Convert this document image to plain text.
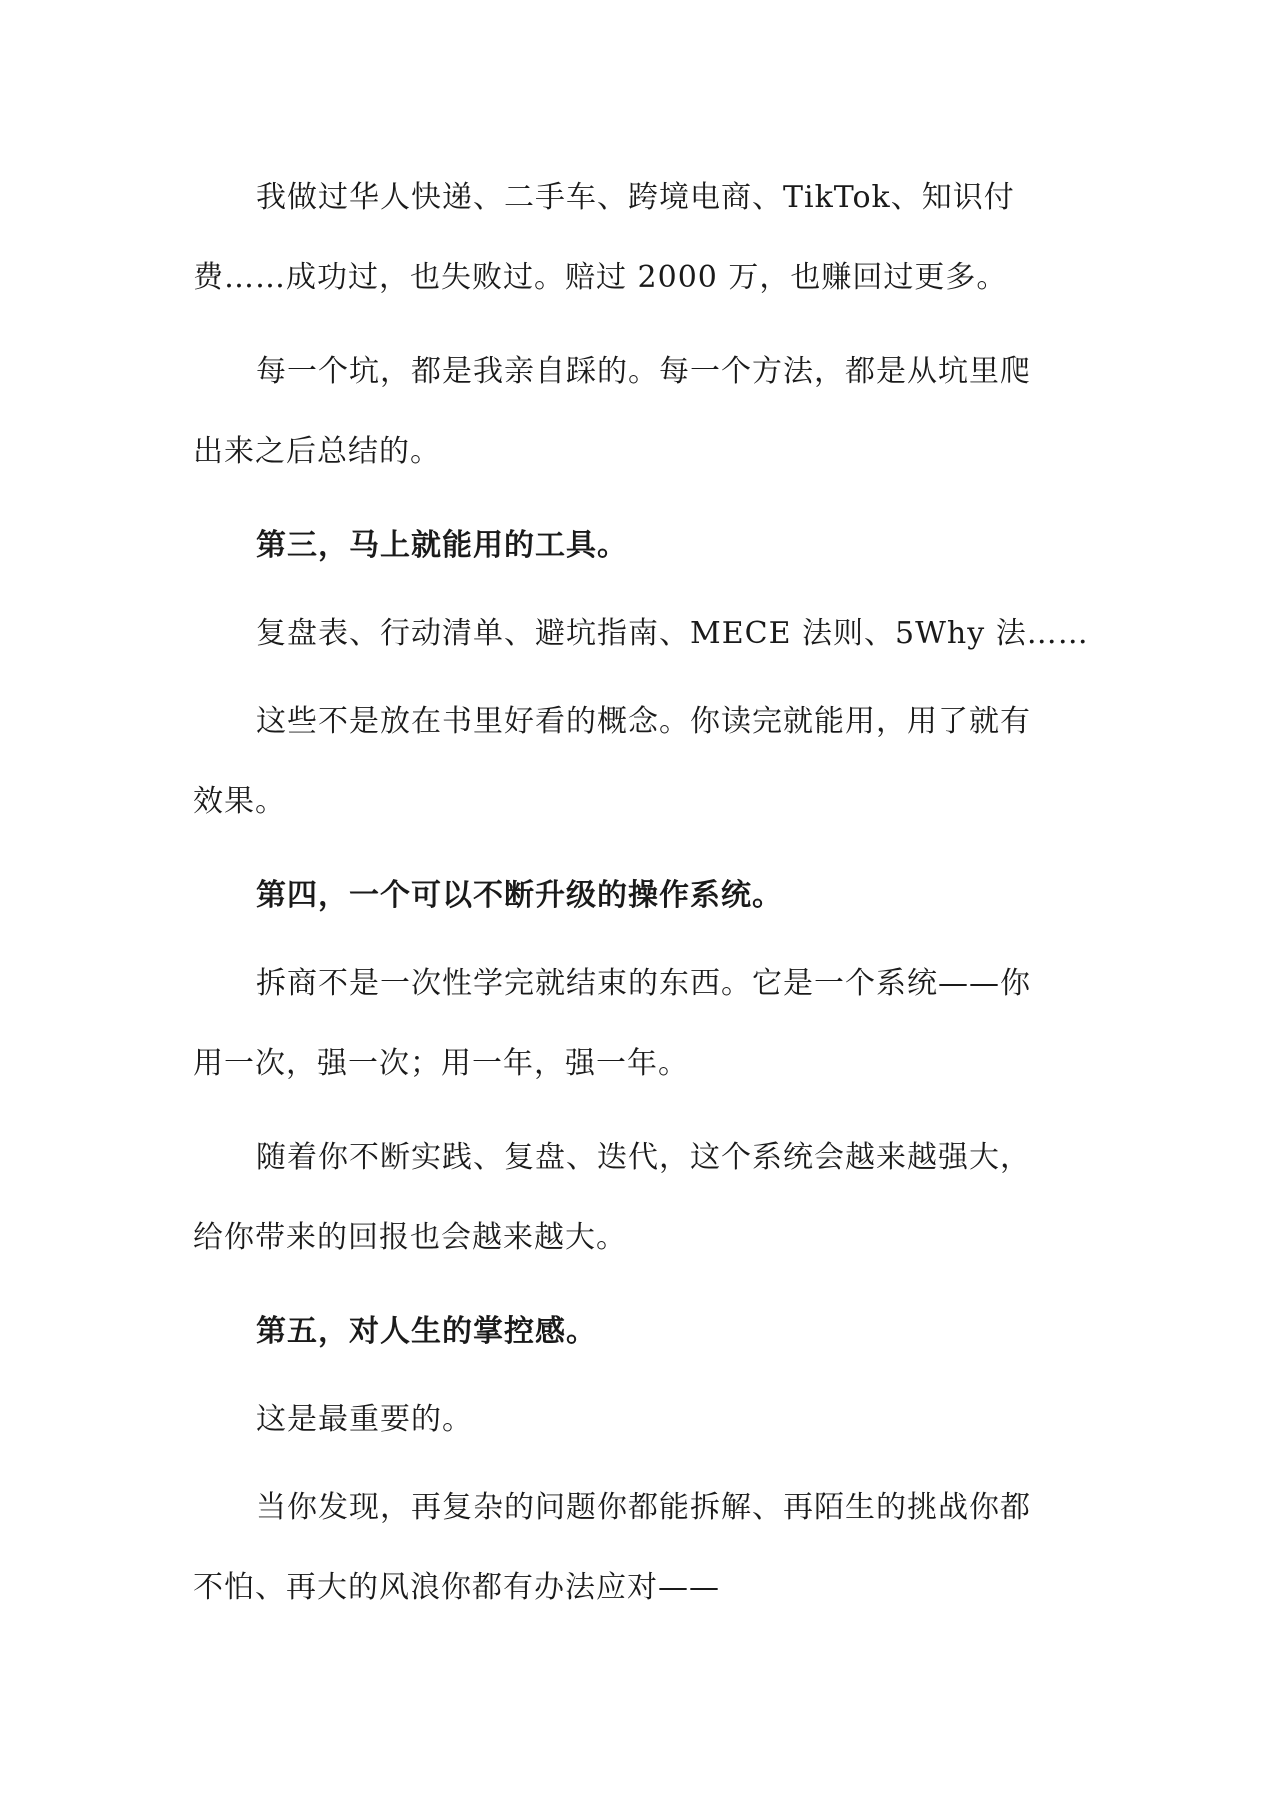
我做过华人快递、二手车、跨境电商、TikTok、知识付

费……成功过，也失败过。赔过 2000 万，也赚回过更多。

每一个坑，都是我亲自踩的。每一个方法，都是从坑里爬

出来之后总结的。

第三，马上就能用的工具。

复盘表、行动清单、避坑指南、MECE 法则、5Why 法……

这些不是放在书里好看的概念。你读完就能用，用了就有

效果。

第四，一个可以不断升级的操作系统。

拆商不是一次性学完就结束的东西。它是一个系统——你

用一次，强一次；用一年，强一年。

随着你不断实践、复盘、迭代，这个系统会越来越强大，

给你带来的回报也会越来越大。

第五，对人生的掌控感。

这是最重要的。

当你发现，再复杂的问题你都能拆解、再陌生的挑战你都

不怕、再大的风浪你都有办法应对——
